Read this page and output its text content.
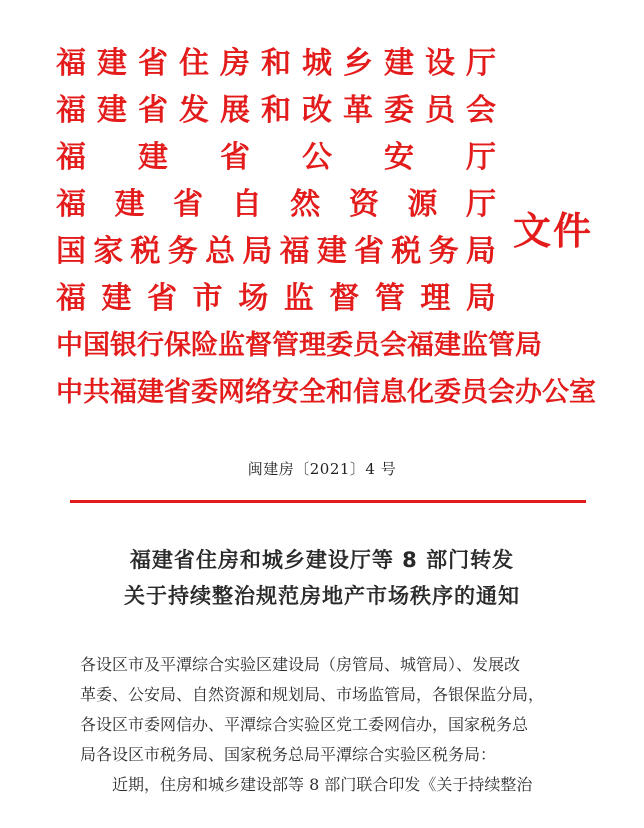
福 建 省 住 房 和 城 乡 建 设 厅
福 建 省 发 展 和 改 革 委 员 会
福 建 省 公 安 厅
福 建 省 自 然 资 源 厅
国 家 税 务 总 局 福 建 省 税 务 局
福 建 省 市 场 监 督 管 理 局
中 国 银 行 保 险 监 督 管 理 委 员 会 福 建 监 管 局
中 共 福 建 省 委 网 络 安 全 和 信 息 化 委 员 会 办 公 室
文件
闽建房〔2021〕4 号
福建省住房和城乡建设厅等 8 部门转发
关于持续整治规范房地产市场秩序的通知
各设区市及平潭综合实验区建设局（房管局、城管局）、发展改
革委、公安局、自然资源和规划局、市场监管局，各银保监分局，
各设区市委网信办、平潭综合实验区党工委网信办，国家税务总
局各设区市税务局、国家税务总局平潭综合实验区税务局：
近期，住房和城乡建设部等 8 部门联合印发《关于持续整治
